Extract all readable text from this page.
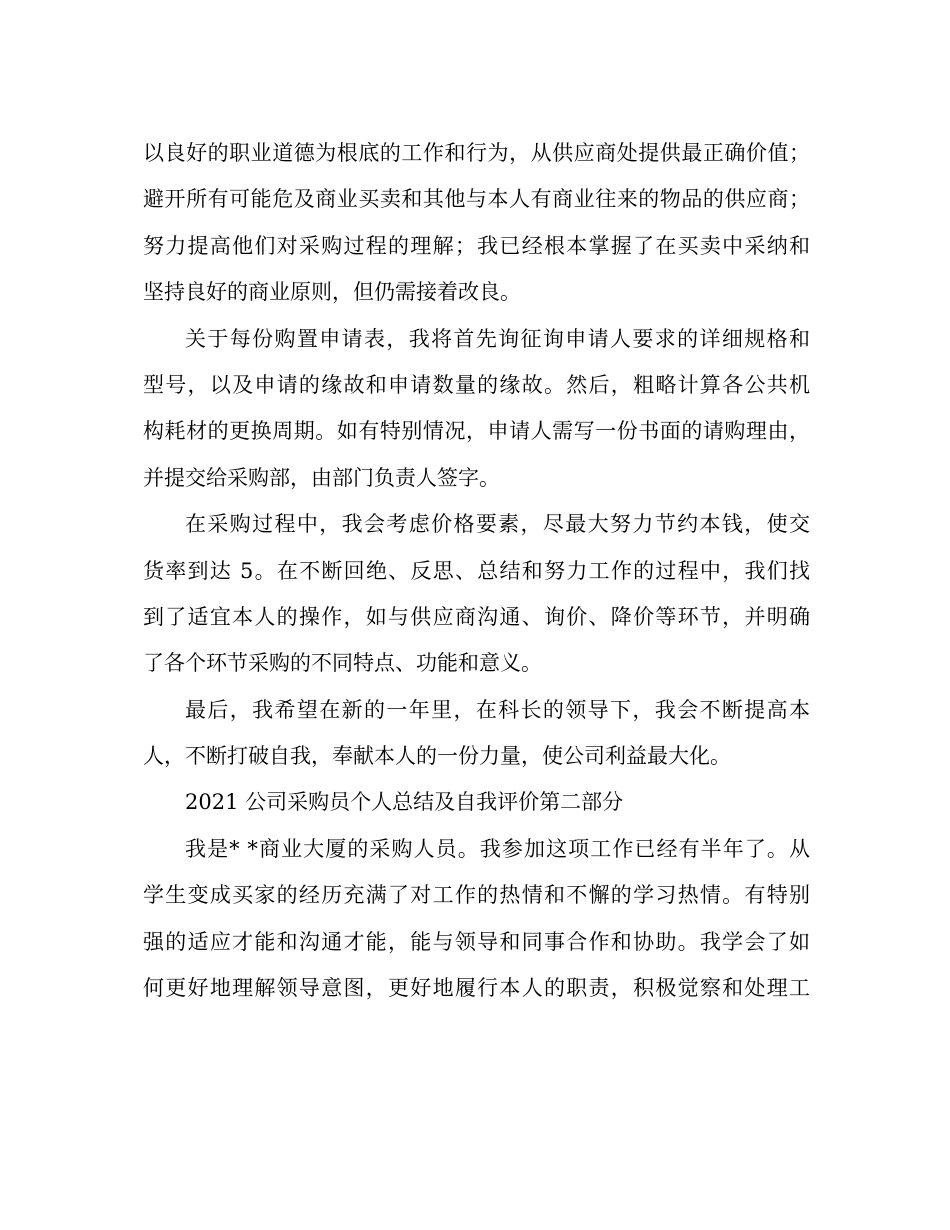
以良好的职业道德为根底的工作和行为，从供应商处提供最正确价值；
避开所有可能危及商业买卖和其他与本人有商业往来的物品的供应商；
努力提高他们对采购过程的理解；我已经根本掌握了在买卖中采纳和
坚持良好的商业原则，但仍需接着改良。
关于每份购置申请表，我将首先询征询申请人要求的详细规格和
型号，以及申请的缘故和申请数量的缘故。然后，粗略计算各公共机
构耗材的更换周期。如有特别情况，申请人需写一份书面的请购理由，
并提交给采购部，由部门负责人签字。
在采购过程中，我会考虑价格要素，尽最大努力节约本钱，使交
货率到达 5。在不断回绝、反思、总结和努力工作的过程中，我们找
到了适宜本人的操作，如与供应商沟通、询价、降价等环节，并明确
了各个环节采购的不同特点、功能和意义。
最后，我希望在新的一年里，在科长的领导下，我会不断提高本
人，不断打破自我，奉献本人的一份力量，使公司利益最大化。
2021 公司采购员个人总结及自我评价第二部分
我是* *商业大厦的采购人员。我参加这项工作已经有半年了。从
学生变成买家的经历充满了对工作的热情和不懈的学习热情。有特别
强的适应才能和沟通才能，能与领导和同事合作和协助。我学会了如
何更好地理解领导意图，更好地履行本人的职责，积极觉察和处理工
